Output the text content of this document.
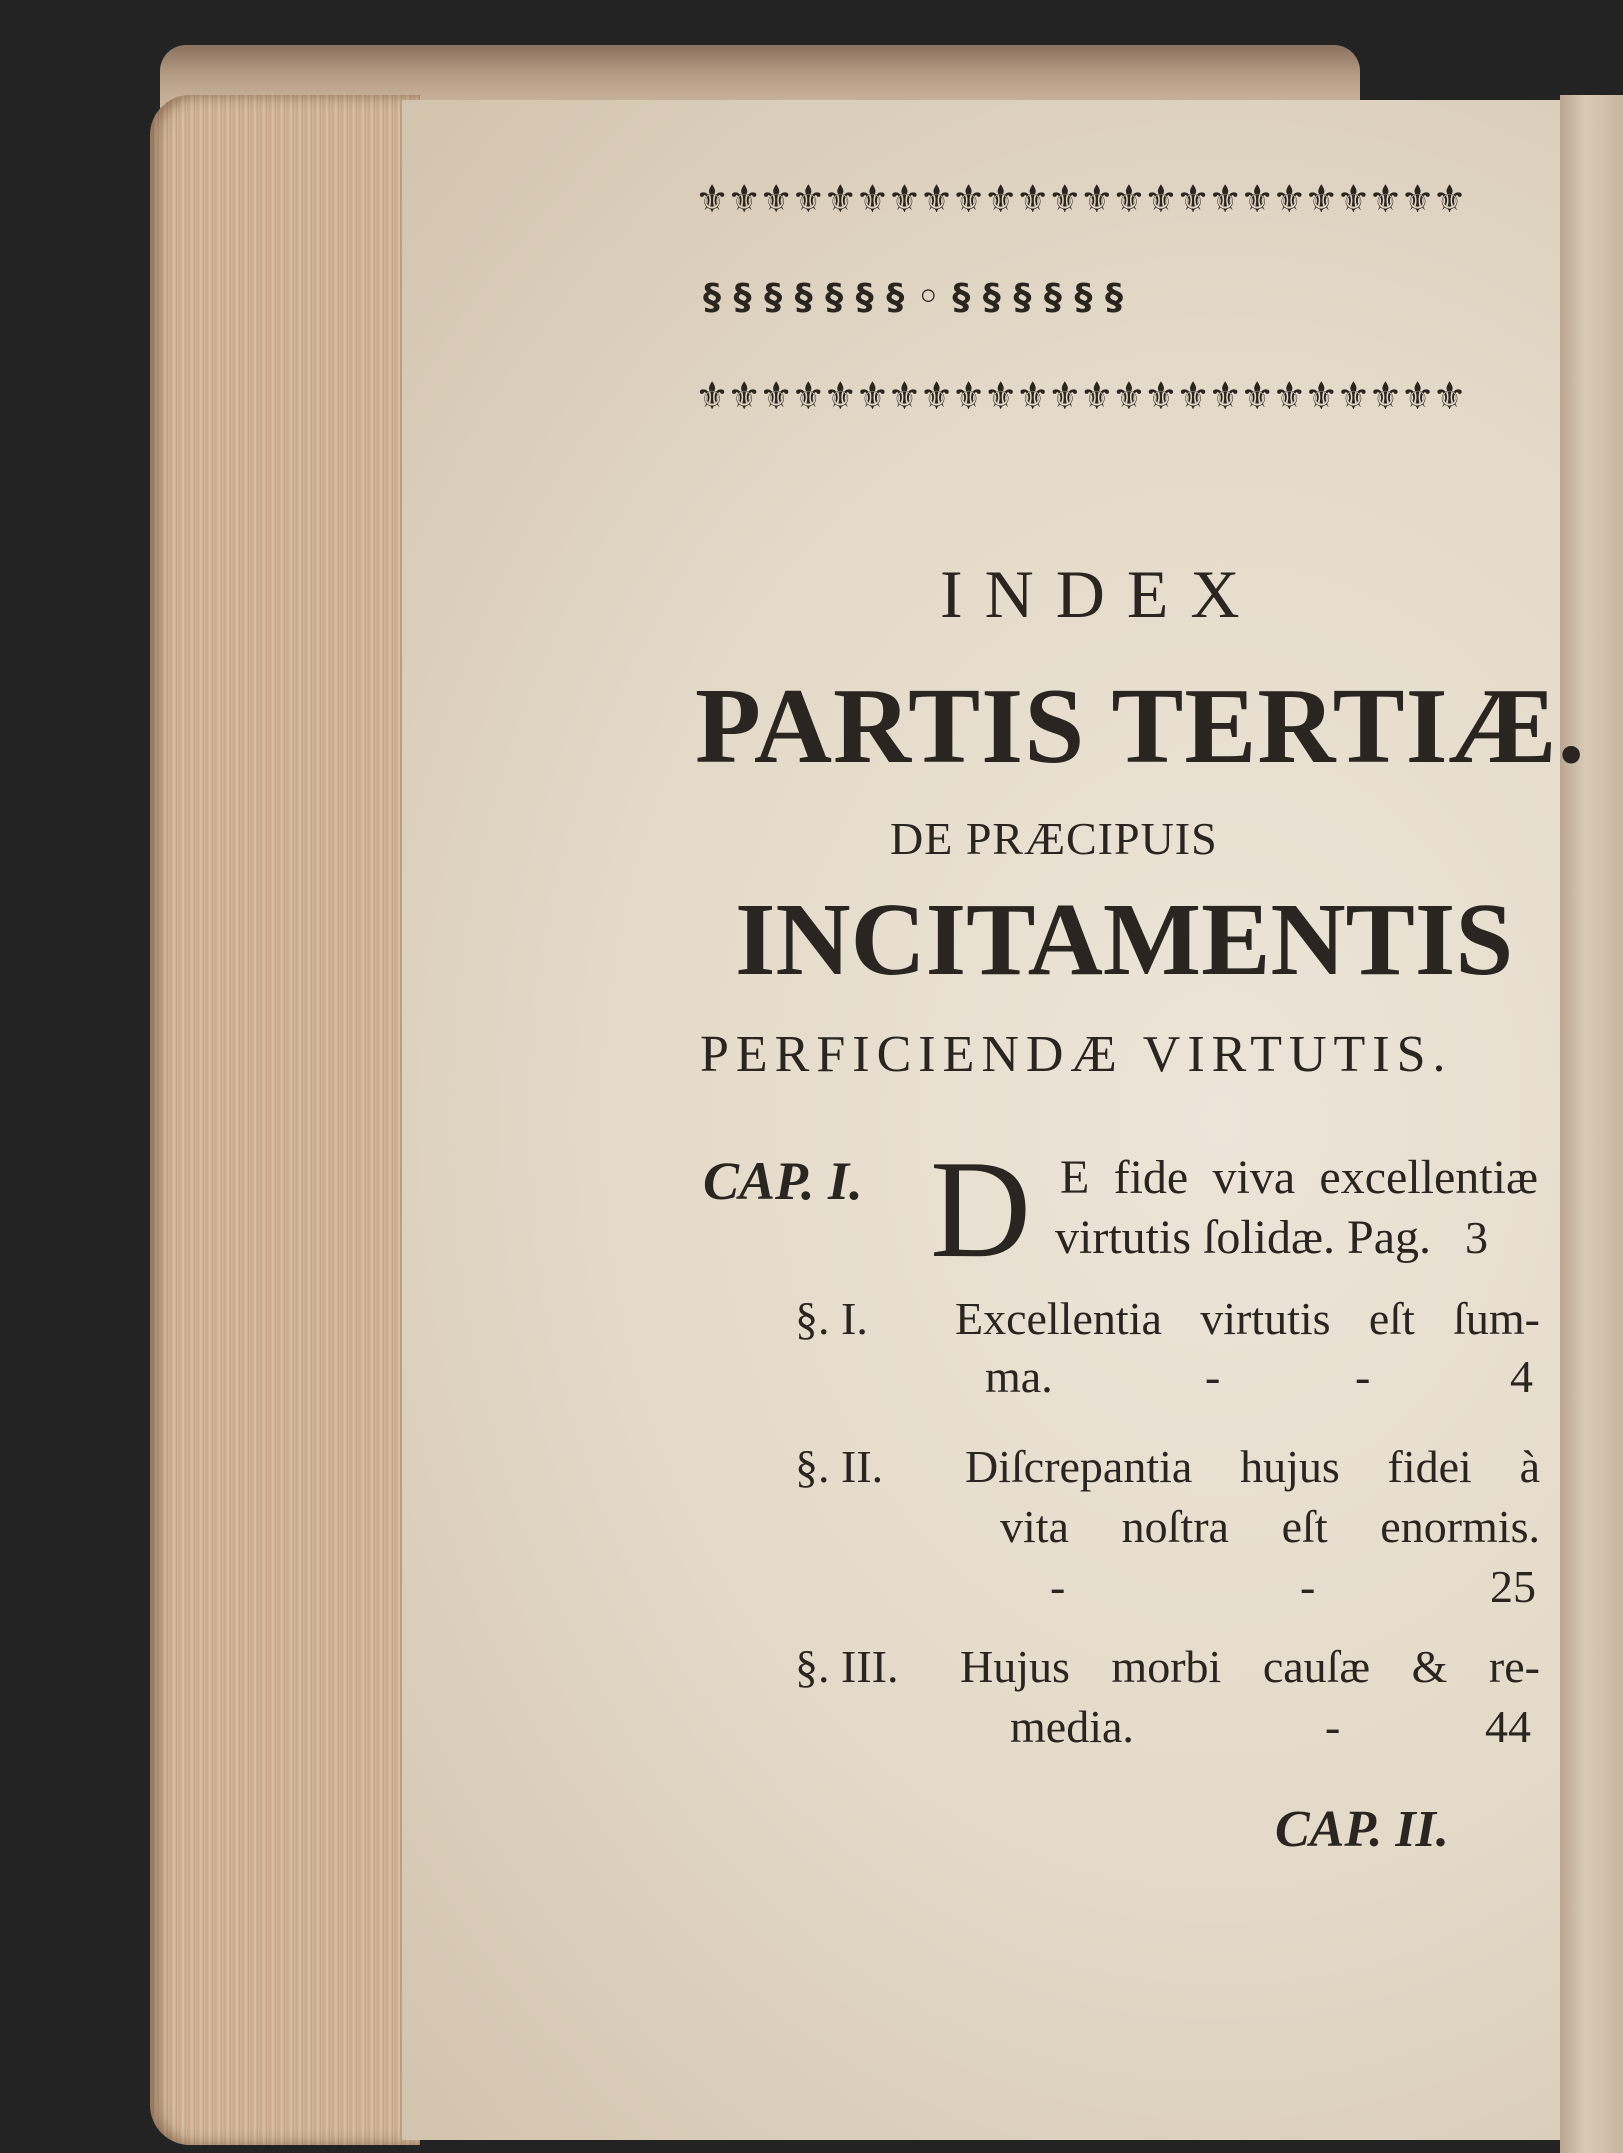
⚜⚜⚜⚜⚜⚜⚜⚜⚜⚜⚜⚜⚜⚜⚜⚜⚜⚜⚜⚜⚜⚜⚜⚜
§ § § § § § § ◦ § § § § § §
⚜⚜⚜⚜⚜⚜⚜⚜⚜⚜⚜⚜⚜⚜⚜⚜⚜⚜⚜⚜⚜⚜⚜⚜
INDEX
PARTIS TERTIÆ.
DE PRÆCIPUIS
INCITAMENTIS
PERFICIENDÆ VIRTUTIS.
CAP. I. D E fide viva excellentiæ
virtutis ſolidæ. Pag. 3
§. I. Excellentia virtutis eſt ſum-
ma.	-	-	4
§. II. Diſcrepantia hujus fidei à
vita noſtra eſt enormis.
-	-	25
§. III. Hujus morbi cauſæ & re-
media.	-	44
CAP. II.
